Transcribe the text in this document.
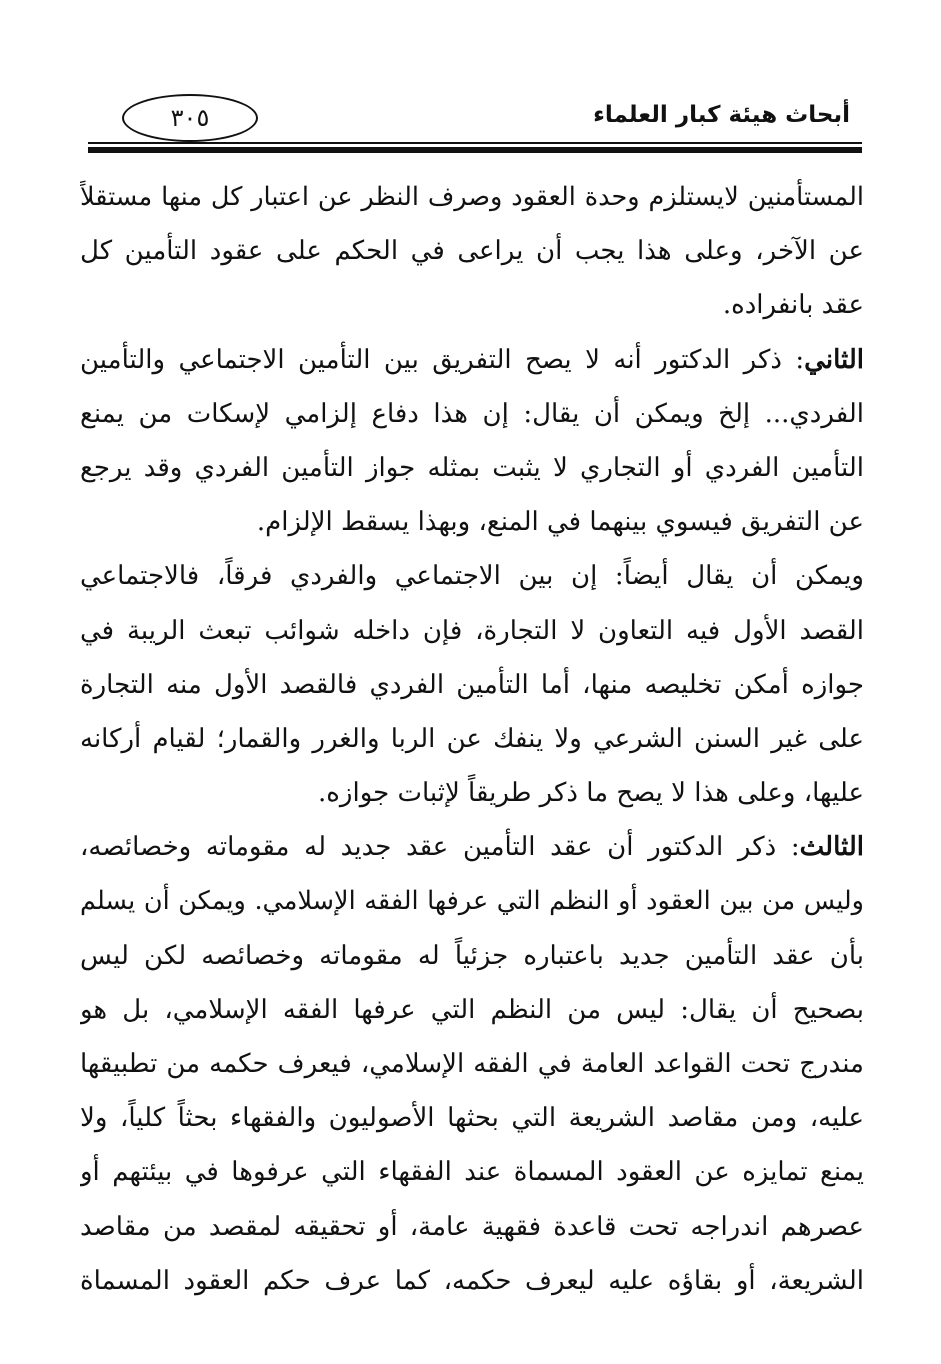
أبحاث هيئة كبار العلماء
٣٠٥
المستأمنين لايستلزم وحدة العقود وصرف النظر عن اعتبار كل منها مستقلاً
عن الآخر، وعلى هذا يجب أن يراعى في الحكم على عقود التأمين كل
عقد بانفراده.
الثاني: ذكر الدكتور أنه لا يصح التفريق بين التأمين الاجتماعي والتأمين
الفردي... إلخ ويمكن أن يقال: إن هذا دفاع إلزامي لإسكات من يمنع
التأمين الفردي أو التجاري لا يثبت بمثله جواز التأمين الفردي وقد يرجع
عن التفريق فيسوي بينهما في المنع، وبهذا يسقط الإلزام.
ويمكن أن يقال أيضاً: إن بين الاجتماعي والفردي فرقاً، فالاجتماعي
القصد الأول فيه التعاون لا التجارة، فإن داخله شوائب تبعث الريبة في
جوازه أمكن تخليصه منها، أما التأمين الفردي فالقصد الأول منه التجارة
على غير السنن الشرعي ولا ينفك عن الربا والغرر والقمار؛ لقيام أركانه
عليها، وعلى هذا لا يصح ما ذكر طريقاً لإثبات جوازه.
الثالث: ذكر الدكتور أن عقد التأمين عقد جديد له مقوماته وخصائصه،
وليس من بين العقود أو النظم التي عرفها الفقه الإسلامي. ويمكن أن يسلم
بأن عقد التأمين جديد باعتباره جزئياً له مقوماته وخصائصه لكن ليس
بصحيح أن يقال: ليس من النظم التي عرفها الفقه الإسلامي، بل هو
مندرج تحت القواعد العامة في الفقه الإسلامي، فيعرف حكمه من تطبيقها
عليه، ومن مقاصد الشريعة التي بحثها الأصوليون والفقهاء بحثاً كلياً، ولا
يمنع تمايزه عن العقود المسماة عند الفقهاء التي عرفوها في بيئتهم أو
عصرهم اندراجه تحت قاعدة فقهية عامة، أو تحقيقه لمقصد من مقاصد
الشريعة، أو بقاؤه عليه ليعرف حكمه، كما عرف حكم العقود المسماة
